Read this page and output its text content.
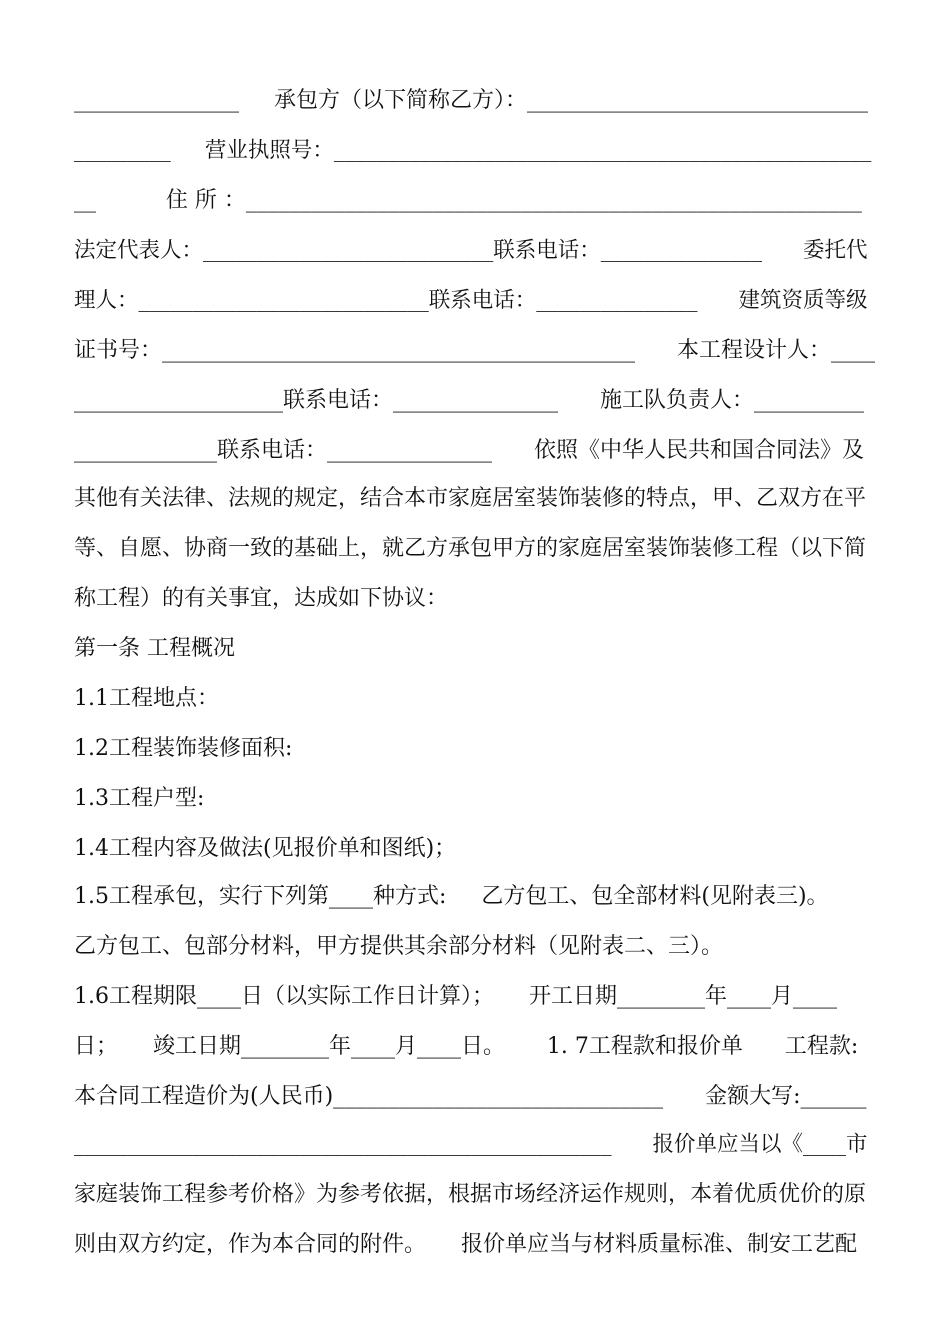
_______________     承包方（以下简称乙方）：_______________________________
_________     营业执照号：__________________________________________________
__          住 所 ：________________________________________________________
法定代表人：___________________________联系电话：_______________      委托代
理人：___________________________联系电话：_______________      建筑资质等级
证书号：___________________________________________      本工程设计人：____
___________________联系电话：_______________      施工队负责人：__________
_____________联系电话：_______________      依照《中华人民共和国合同法》及
其他有关法律、法规的规定，结合本市家庭居室装饰装修的特点，甲、乙双方在平
等、自愿、协商一致的基础上，就乙方承包甲方的家庭居室装饰装修工程（以下简
称工程）的有关事宜，达成如下协议：
第一条 工程概况
1.1工程地点：
1.2工程装饰装修面积:
1.3工程户型:
1.4工程内容及做法(见报价单和图纸)；
1.5工程承包，实行下列第____种方式:     乙方包工、包全部材料(见附表三)。
乙方包工、包部分材料，甲方提供其余部分材料（见附表二、三）。
1.6工程期限____日（以实际工作日计算）；     开工日期________年____月____
日；     竣工日期________年____月____日。      1. 7工程款和报价单      工程款:
本合同工程造价为(人民币)______________________________      金额大写:______
__________________________________________________      报价单应当以《____市
家庭装饰工程参考价格》为参考依据，根据市场经济运作规则，本着优质优价的原
则由双方约定，作为本合同的附件。     报价单应当与材料质量标准、制安工艺配
